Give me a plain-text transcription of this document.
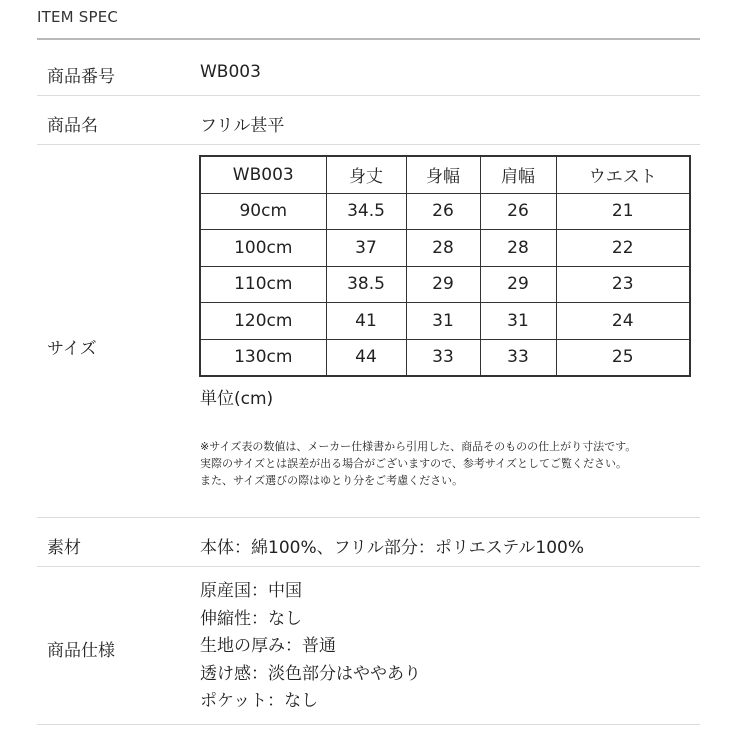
ITEM SPEC
商品番号	WB003
商品名	フリル甚平
サイズ
WB003	身丈	身幅	肩幅	ウエスト
90cm	34.5	26	26	21
100cm	37	28	28	22
110cm	38.5	29	29	23
120cm	41	31	31	24
130cm	44	33	33	25
単位(cm)
※サイズ表の数値は、メーカー仕様書から引用した、商品そのものの仕上がり寸法です。
実際のサイズとは誤差が出る場合がございますので、参考サイズとしてご覧ください。
また、サイズ選びの際はゆとり分をご考慮ください。
素材	本体：綿100%、フリル部分：ポリエステル100%
商品仕様
原産国：中国
伸縮性：なし
生地の厚み：普通
透け感：淡色部分はややあり
ポケット：なし
